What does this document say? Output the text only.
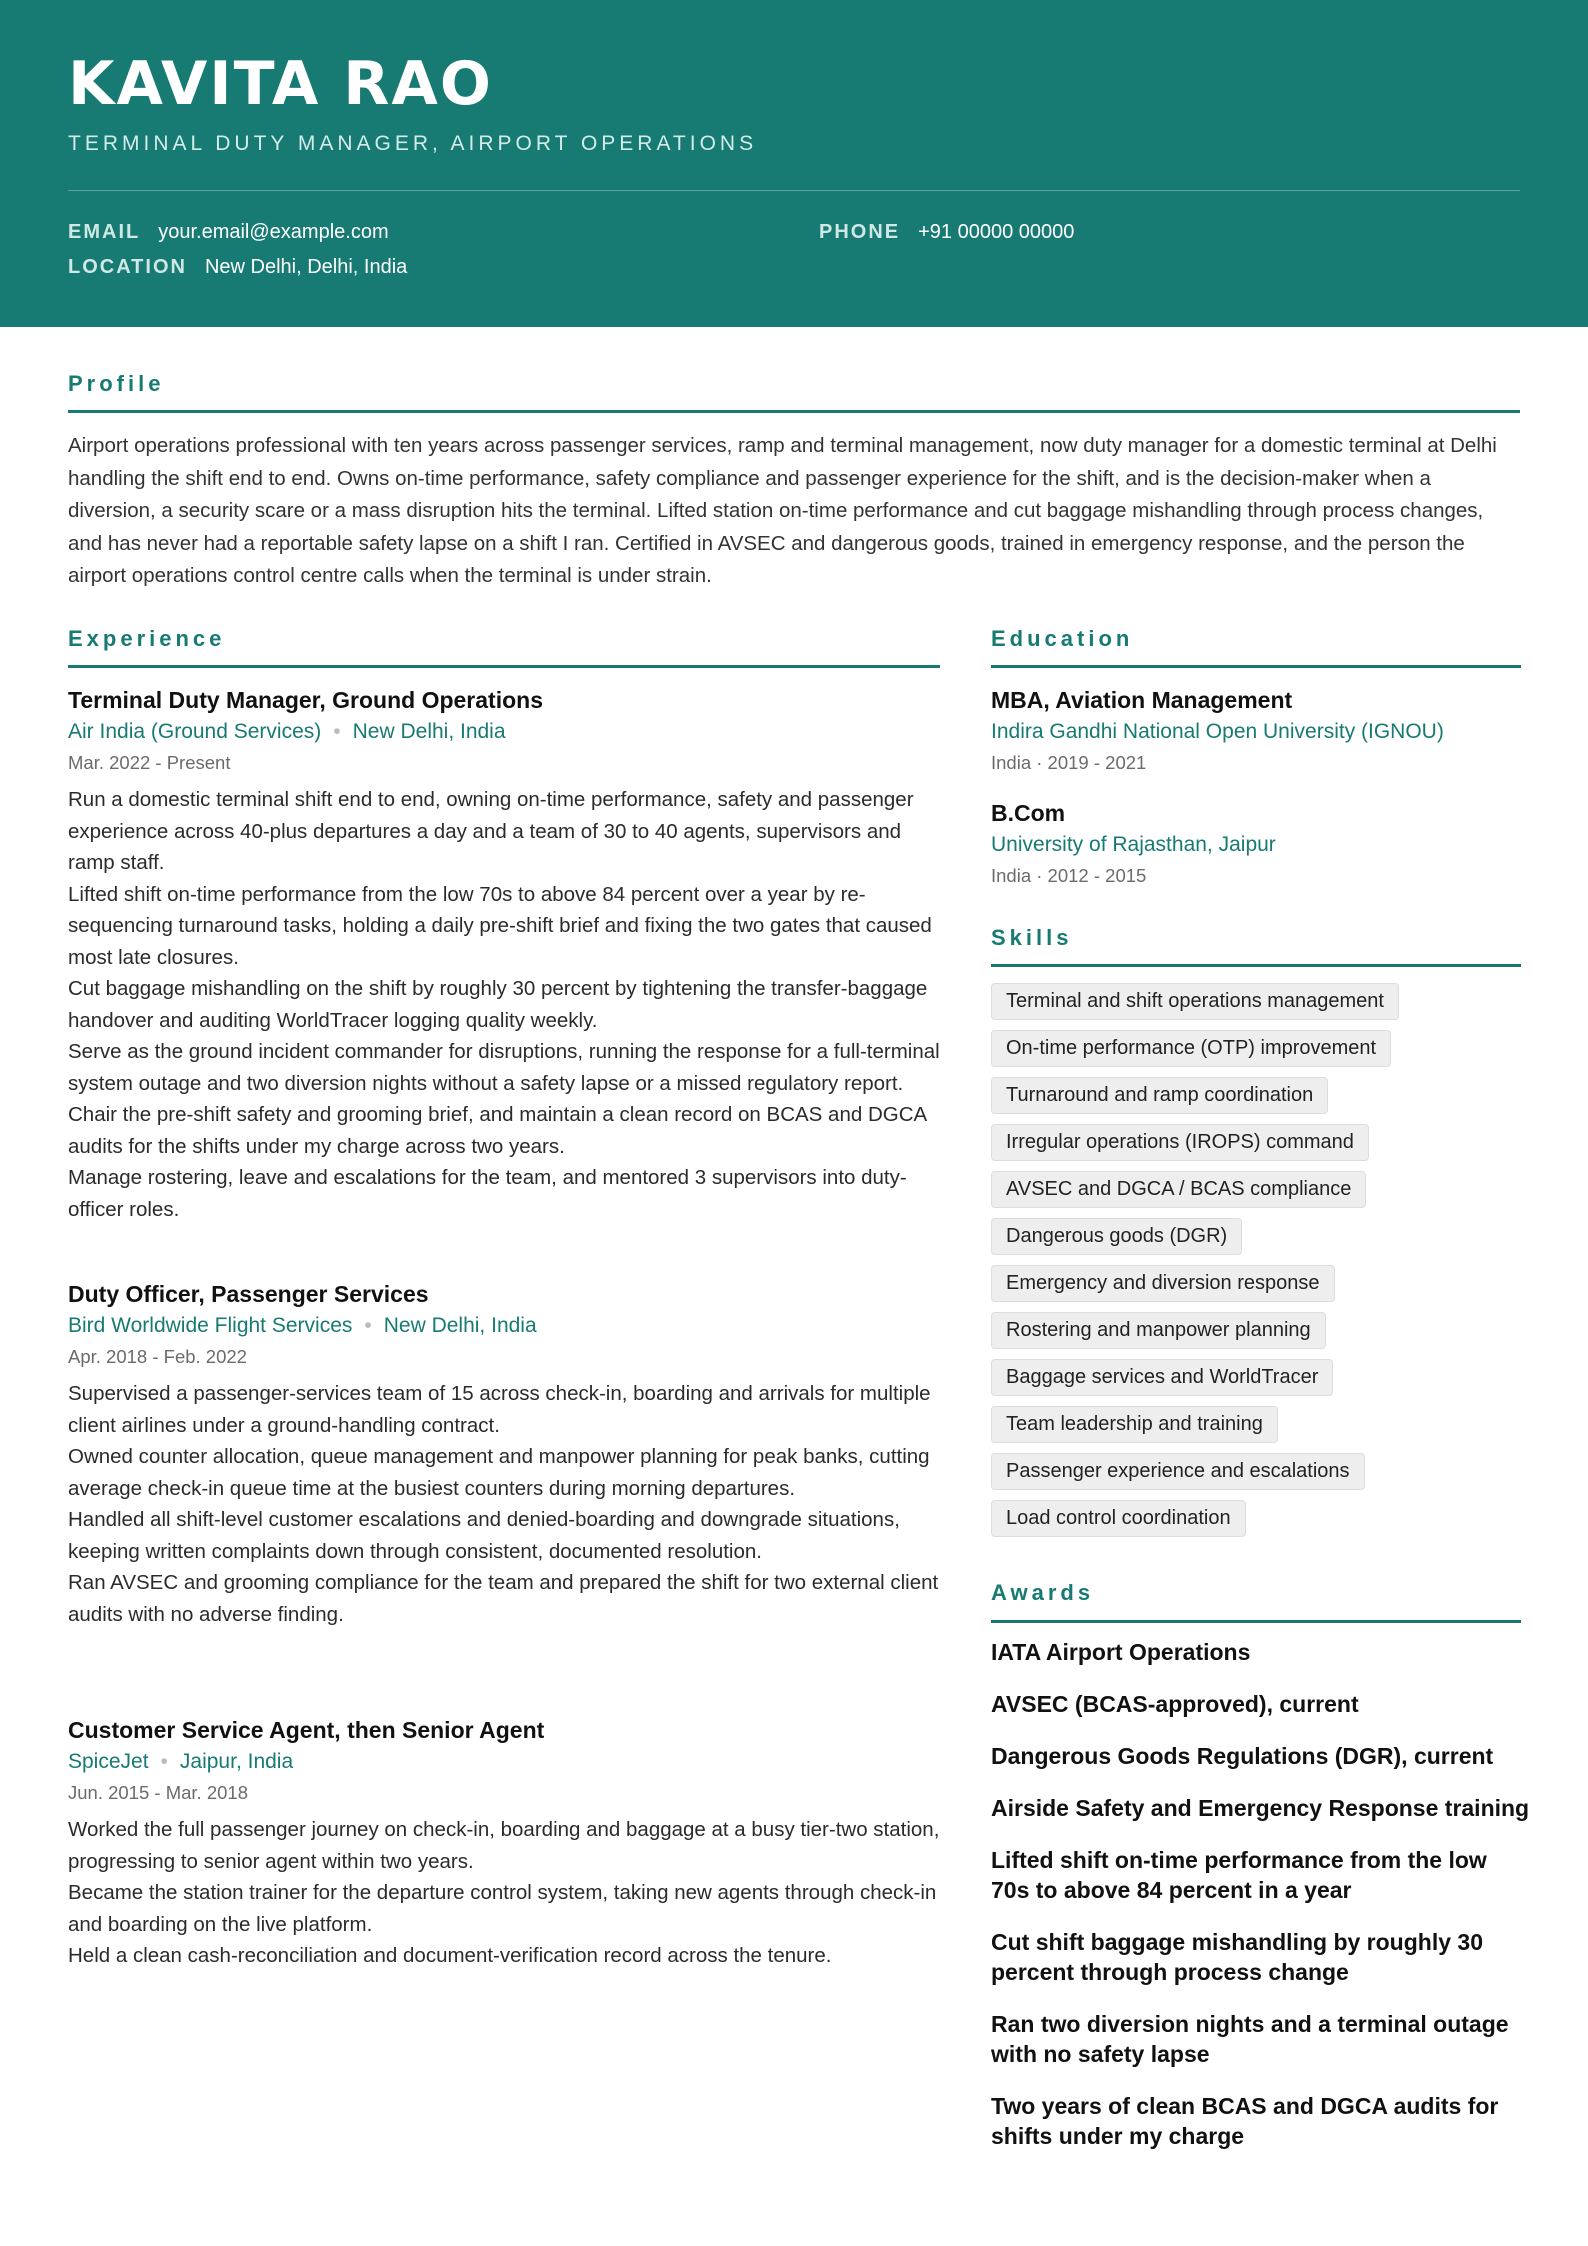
KAVITA RAO
TERMINAL DUTY MANAGER, AIRPORT OPERATIONS
EMAIL your.email@example.com	PHONE +91 00000 00000
LOCATION New Delhi, Delhi, India
Profile
Airport operations professional with ten years across passenger services, ramp and terminal management, now duty manager for a domestic terminal at Delhi handling the shift end to end. Owns on-time performance, safety compliance and passenger experience for the shift, and is the decision-maker when a diversion, a security scare or a mass disruption hits the terminal. Lifted station on-time performance and cut baggage mishandling through process changes, and has never had a reportable safety lapse on a shift I ran. Certified in AVSEC and dangerous goods, trained in emergency response, and the person the airport operations control centre calls when the terminal is under strain.
Experience
Terminal Duty Manager, Ground Operations
Air India (Ground Services) • New Delhi, India
Mar. 2022 - Present

Run a domestic terminal shift end to end, owning on-time performance, safety and passenger experience across 40-plus departures a day and a team of 30 to 40 agents, supervisors and ramp staff.

Lifted shift on-time performance from the low 70s to above 84 percent over a year by re-sequencing turnaround tasks, holding a daily pre-shift brief and fixing the two gates that caused most late closures.

Cut baggage mishandling on the shift by roughly 30 percent by tightening the transfer-baggage handover and auditing WorldTracer logging quality weekly.

Serve as the ground incident commander for disruptions, running the response for a full-terminal system outage and two diversion nights without a safety lapse or a missed regulatory report.

Chair the pre-shift safety and grooming brief, and maintain a clean record on BCAS and DGCA audits for the shifts under my charge across two years.

Manage rostering, leave and escalations for the team, and mentored 3 supervisors into duty-officer roles.

Duty Officer, Passenger Services
Bird Worldwide Flight Services • New Delhi, India
Apr. 2018 - Feb. 2022

Supervised a passenger-services team of 15 across check-in, boarding and arrivals for multiple client airlines under a ground-handling contract.

Owned counter allocation, queue management and manpower planning for peak banks, cutting average check-in queue time at the busiest counters during morning departures.

Handled all shift-level customer escalations and denied-boarding and downgrade situations, keeping written complaints down through consistent, documented resolution.

Ran AVSEC and grooming compliance for the team and prepared the shift for two external client audits with no adverse finding.

Customer Service Agent, then Senior Agent
SpiceJet • Jaipur, India
Jun. 2015 - Mar. 2018

Worked the full passenger journey on check-in, boarding and baggage at a busy tier-two station, progressing to senior agent within two years.

Became the station trainer for the departure control system, taking new agents through check-in and boarding on the live platform.

Held a clean cash-reconciliation and document-verification record across the tenure.

Education
MBA, Aviation Management
Indira Gandhi National Open University (IGNOU)
India · 2019 - 2021
B.Com
University of Rajasthan, Jaipur
India · 2012 - 2015
Skills
Terminal and shift operations management
On-time performance (OTP) improvement
Turnaround and ramp coordination
Irregular operations (IROPS) command
AVSEC and DGCA / BCAS compliance
Dangerous goods (DGR)
Emergency and diversion response
Rostering and manpower planning
Baggage services and WorldTracer
Team leadership and training
Passenger experience and escalations
Load control coordination
Awards
IATA Airport Operations
AVSEC (BCAS-approved), current
Dangerous Goods Regulations (DGR), current
Airside Safety and Emergency Response training
Lifted shift on-time performance from the low 70s to above 84 percent in a year
Cut shift baggage mishandling by roughly 30 percent through process change
Ran two diversion nights and a terminal outage with no safety lapse
Two years of clean BCAS and DGCA audits for shifts under my charge
